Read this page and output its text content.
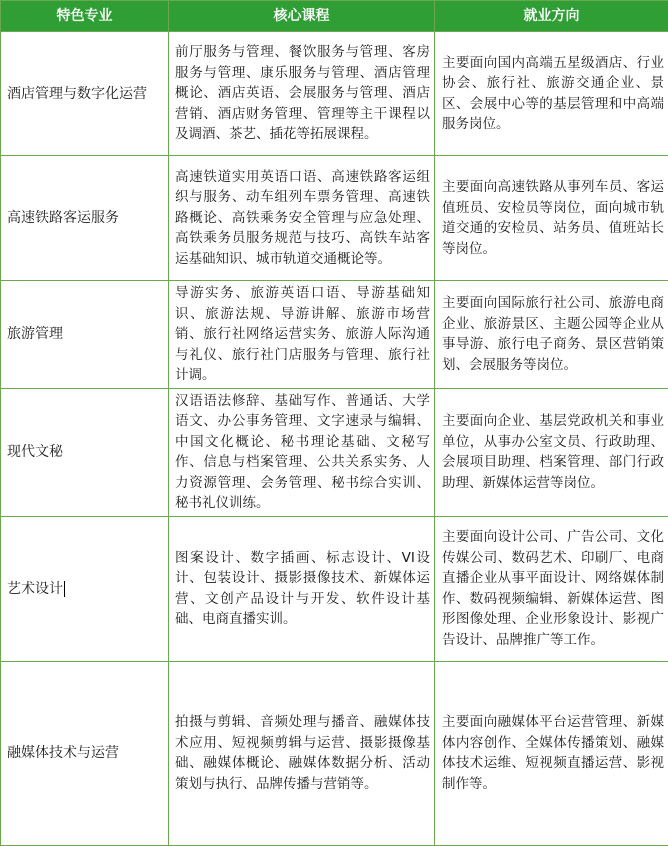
特色专业	核心课程	就业方向
酒店管理与数字化运营	前厅服务与管理、餐饮服务与管理、客房服务与管理、康乐服务与管理、酒店管理概论、酒店英语、会展服务与管理、酒店营销、酒店财务管理、管理等主干课程以及调酒、茶艺、插花等拓展课程。	主要面向国内高端五星级酒店、行业协会、旅行社、旅游交通企业、景区、会展中心等的基层管理和中高端服务岗位。
高速铁路客运服务	高速铁道实用英语口语、高速铁路客运组织与服务、动车组列车票务管理、高速铁路概论、高铁乘务安全管理与应急处理、高铁乘务员服务规范与技巧、高铁车站客运基础知识、城市轨道交通概论等。	主要面向高速铁路从事列车员、客运值班员、安检员等岗位，面向城市轨道交通的安检员、站务员、值班站长等岗位。
旅游管理	导游实务、旅游英语口语、导游基础知识、旅游法规、导游讲解、旅游市场营销、旅行社网络运营实务、旅游人际沟通与礼仪、旅行社门店服务与管理、旅行社计调。	主要面向国际旅行社公司、旅游电商企业、旅游景区、主题公园等企业从事导游、旅行电子商务、景区营销策划、会展服务等岗位。
现代文秘	汉语语法修辞、基础写作、普通话、大学语文、办公事务管理、文字速录与编辑、中国文化概论、秘书理论基础、文秘写作、信息与档案管理、公共关系实务、人力资源管理、会务管理、秘书综合实训、秘书礼仪训练。	主要面向企业、基层党政机关和事业单位，从事办公室文员、行政助理、会展项目助理、档案管理、部门行政助理、新媒体运营等岗位。
艺术设计	图案设计、数字插画、标志设计、VI设计、包装设计、摄影摄像技术、新媒体运营、文创产品设计与开发、软件设计基础、电商直播实训。	主要面向设计公司、广告公司、文化传媒公司、数码艺术、印刷厂、电商直播企业从事平面设计、网络媒体制作、数码视频编辑、新媒体运营、图形图像处理、企业形象设计、影视广告设计、品牌推广等工作。
融媒体技术与运营	拍摄与剪辑、音频处理与播音、融媒体技术应用、短视频剪辑与运营、摄影摄像基础、融媒体概论、融媒体数据分析、活动策划与执行、品牌传播与营销等。	主要面向融媒体平台运营管理、新媒体内容创作、全媒体传播策划、融媒体技术运维、短视频直播运营、影视制作等。
